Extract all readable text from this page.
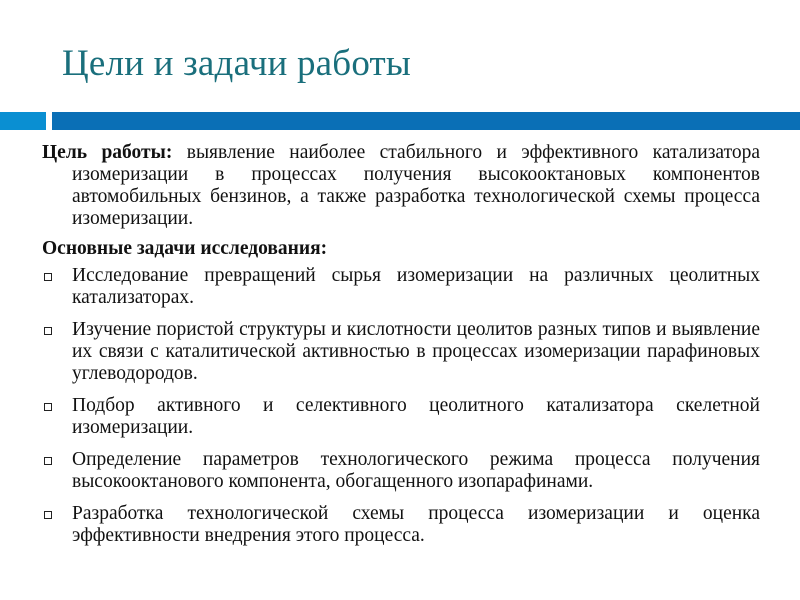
Цели и задачи работы

Цель работы: выявление наиболее стабильного и эффективного катализатора изомеризации в процессах получения высокооктановых компонентов автомобильных бензинов, а также разработка технологической схемы процесса изомеризации.

Основные задачи исследования:

Исследование превращений сырья изомеризации на различных цеолитных катализаторах.
Изучение пористой структуры и кислотности цеолитов разных типов и выявление их связи с каталитической активностью в процессах изомеризации парафиновых углеводородов.
Подбор активного и селективного цеолитного катализатора скелетной изомеризации.
Определение параметров технологического режима процесса получения высокооктанового компонента, обогащенного изопарафинами.
Разработка технологической схемы процесса изомеризации и оценка эффективности внедрения этого процесса.
